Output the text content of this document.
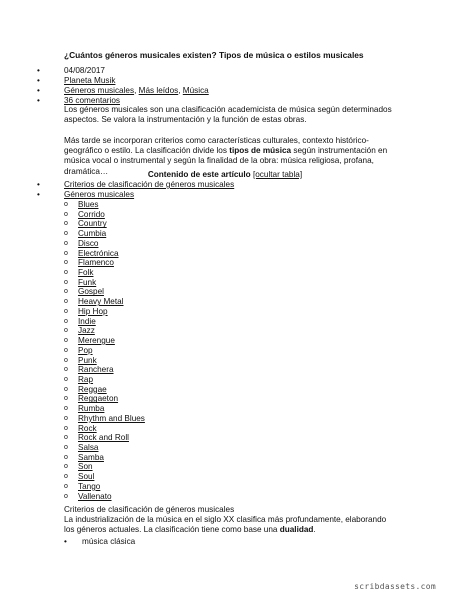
¿Cuántos géneros musicales existen? Tipos de música o estilos musicales
•	04/08/2017
•	Planeta Musik
•	Géneros musicales, Más leídos, Música
•	36 comentarios
Los géneros musicales son una clasificación academicista de música según determinados aspectos. Se valora la instrumentación y la función de estas obras.
Más tarde se incorporan criterios como características culturales, contexto histórico-geográfico o estilo. La clasificación divide los tipos de música según instrumentación en música vocal o instrumental y según la finalidad de la obra: música religiosa, profana, dramática…	Contenido de este artículo [ocultar tabla]
•	Criterios de clasificación de géneros musicales
•	Géneros musicales
o Blues
o Corrido
o Country
o Cumbia
o Disco
o Electrónica
o Flamenco
o Folk
o Funk
o Gospel
o Heavy Metal
o Hip Hop
o Indie
o Jazz
o Merengue
o Pop
o Punk
o Ranchera
o Rap
o Reggae
o Reggaeton
o Rumba
o Rhythm and Blues
o Rock
o Rock and Roll
o Salsa
o Samba
o Son
o Soul
o Tango
o Vallenato
Criterios de clasificación de géneros musicales
La industrialización de la música en el siglo XX clasifica más profundamente, elaborando los géneros actuales. La clasificación tiene como base una dualidad.
• música clásica
scribdassets.com
